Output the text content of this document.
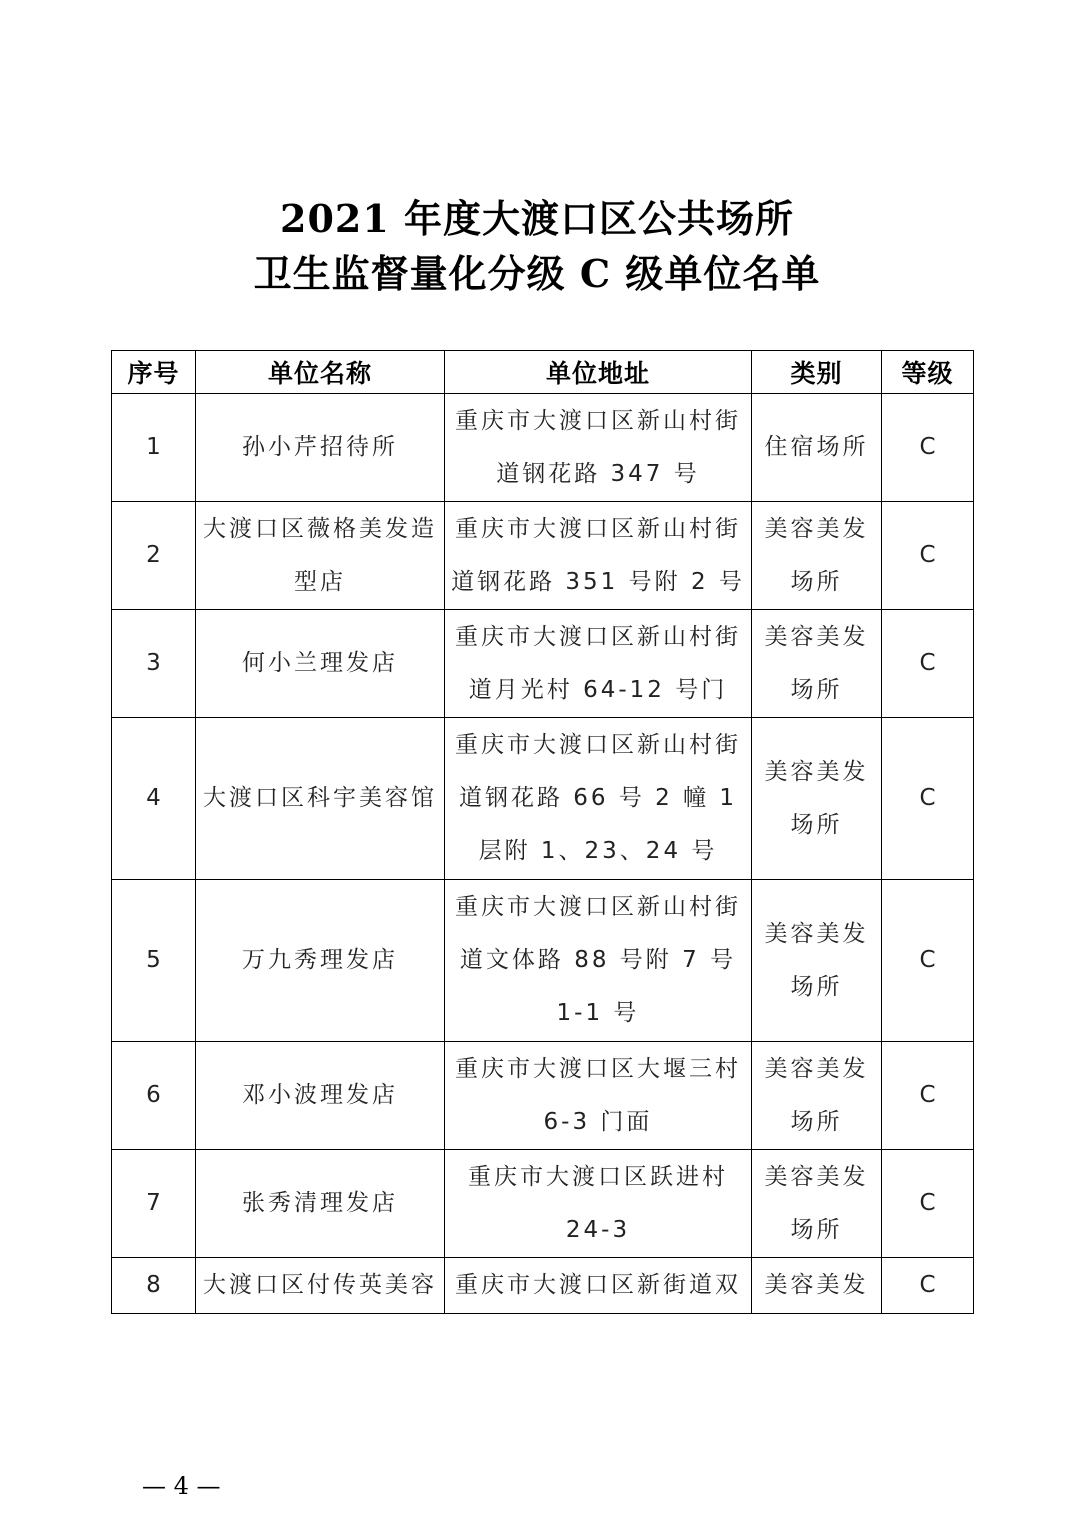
2021 年度大渡口区公共场所
卫生监督量化分级 C 级单位名单
序号	单位名称	单位地址	类别	等级
1	孙小芹招待所	重庆市大渡口区新山村街道钢花路 347 号	住宿场所	C
2	大渡口区薇格美发造型店	重庆市大渡口区新山村街道钢花路 351 号附 2 号	美容美发场所	C
3	何小兰理发店	重庆市大渡口区新山村街道月光村 64-12 号门	美容美发场所	C
4	大渡口区科宇美容馆	重庆市大渡口区新山村街道钢花路 66 号 2 幢 1 层附 1、23、24 号	美容美发场所	C
5	万九秀理发店	重庆市大渡口区新山村街道文体路 88 号附 7 号 1-1 号	美容美发场所	C
6	邓小波理发店	重庆市大渡口区大堰三村 6-3 门面	美容美发场所	C
7	张秀清理发店	重庆市大渡口区跃进村 24-3	美容美发场所	C
8	大渡口区付传英美容	重庆市大渡口区新街道双	美容美发	C
— 4 —
